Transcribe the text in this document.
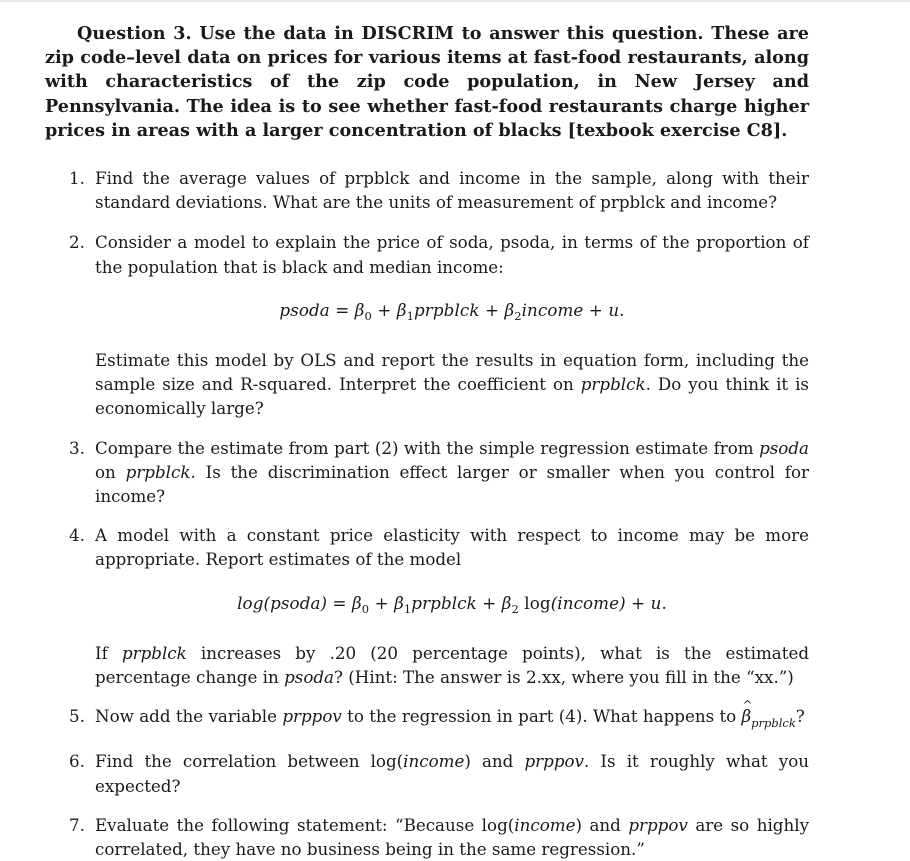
Question 3. Use the data in DISCRIM to answer this question. These are zip code–level data on prices for various items at fast-food restaurants, along with characteristics of the zip code population, in New Jersey and Pennsylvania. The idea is to see whether fast-food restaurants charge higher prices in areas with a larger concentration of blacks [texbook exercise C8].

1. Find the average values of prpblck and income in the sample, along with their standard deviations. What are the units of measurement of prpblck and income?

2. Consider a model to explain the price of soda, psoda, in terms of the proportion of the population that is black and median income:

psoda = $\beta_0$ + $\beta_1prpblck$ + $\beta_2income + u$.

Estimate this model by OLS and report the results in equation form, including the sample size and R-squared. Interpret the coefficient on prpblck. Do you think it is economically large?

3. Compare the estimate from part (2) with the simple regression estimate from psoda on prpblck. Is the discrimination effect larger or smaller when you control for income?

4. A model with a constant price elasticity with respect to income may be more appropriate. Report estimates of the model

log(psoda) = $\beta_0$ + $\beta_1prpblck + \beta_2$ log(income) + u.

If prpblck increases by .20 (20 percentage points), what is the estimated percentage change in psoda? (Hint: The answer is 2.xx, where you fill in the “xx.”)

5. Now add the variable prppov to the regression in part (4). What happens to ^ $\beta_{prpblck}$?

6. Find the correlation between log(income) and prppov. Is it roughly what you expected?

7. Evaluate the following statement: “Because log(income) and prppov are so highly correlated, they have no business being in the same regression.”
